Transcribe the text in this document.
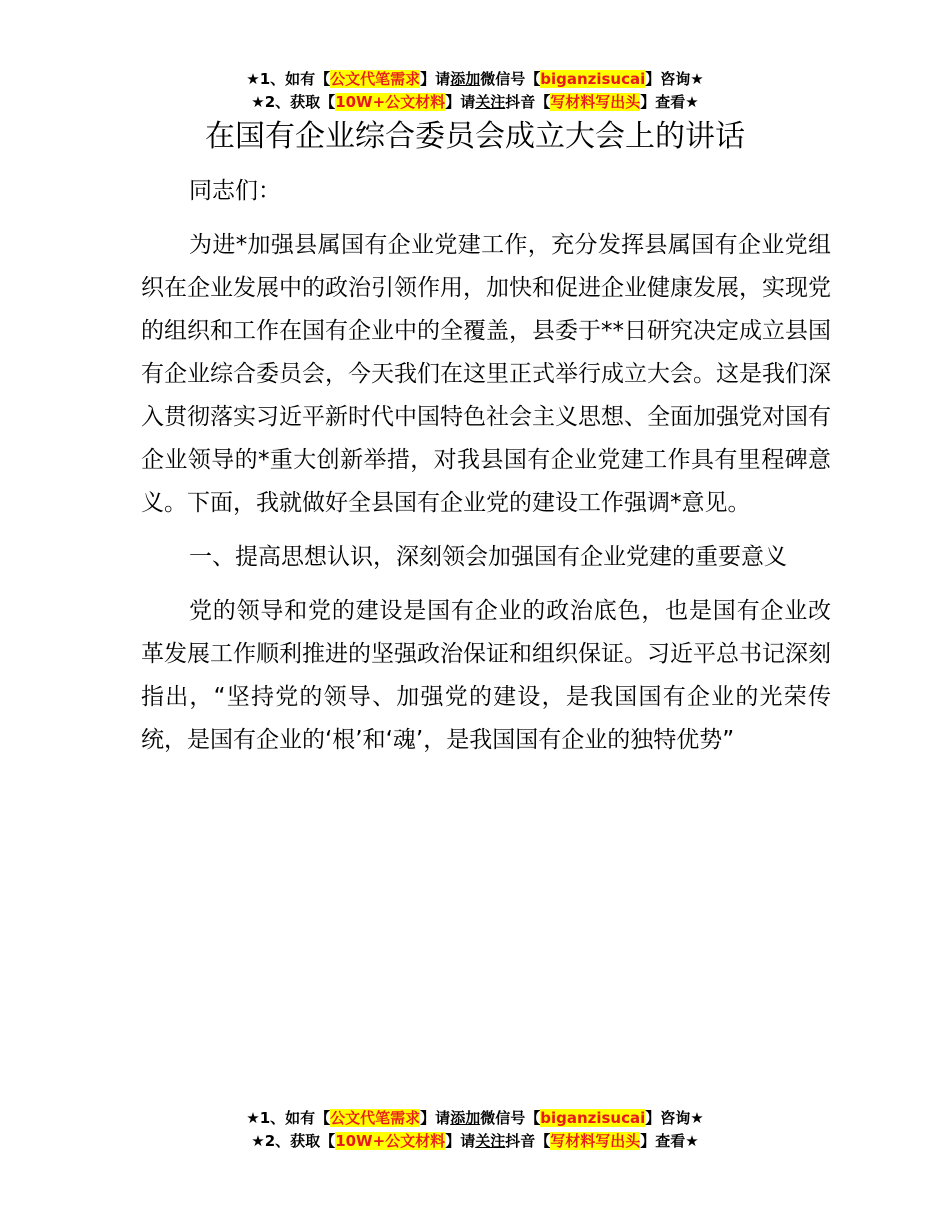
★1、如有【公文代笔需求】请添加微信号【biganzisucai】咨询★
★2、获取【10W+公文材料】请关注抖音【写材料写出头】查看★
在国有企业综合委员会成立大会上的讲话

同志们：

为进*加强县属国有企业党建工作，充分发挥县属国有企业党组织在企业发展中的政治引领作用，加快和促进企业健康发展，实现党的组织和工作在国有企业中的全覆盖，县委于**日研究决定成立县国有企业综合委员会，今天我们在这里正式举行成立大会。这是我们深入贯彻落实习近平新时代中国特色社会主义思想、全面加强党对国有企业领导的*重大创新举措，对我县国有企业党建工作具有里程碑意义。下面，我就做好全县国有企业党的建设工作强调*意见。

一、提高思想认识，深刻领会加强国有企业党建的重要意义

党的领导和党的建设是国有企业的政治底色，也是国有企业改革发展工作顺利推进的坚强政治保证和组织保证。习近平总书记深刻指出，“坚持党的领导、加强党的建设，是我国国有企业的光荣传统，是国有企业的‘根’和‘魂’，是我国国有企业的独特优势”

★1、如有【公文代笔需求】请添加微信号【biganzisucai】咨询★
★2、获取【10W+公文材料】请关注抖音【写材料写出头】查看★
